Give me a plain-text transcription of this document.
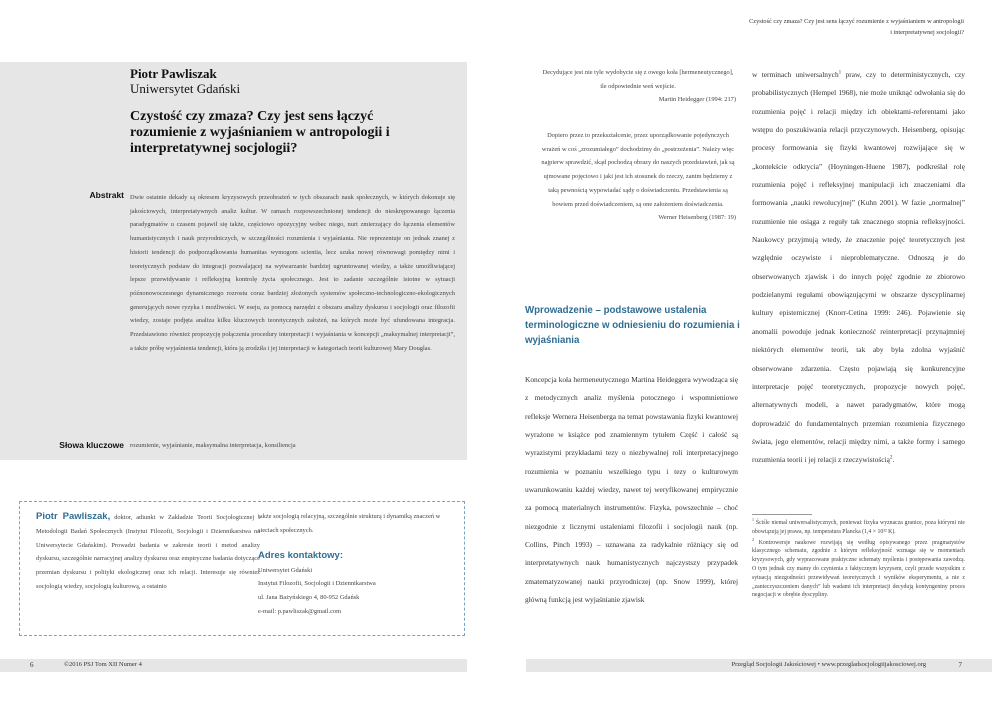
Piotr Pawliszak
Uniwersytet Gdański
Czystość czy zmaza? Czy jest sens łączyć rozumienie z wyjaśnianiem w antropologii i interpretatywnej socjologii?
Abstrakt Dwie ostatnie dekady są okresem kryzysowych przeobrażeń w tych obszarach nauk społecznych, w których dokonuje się jakościowych, interpretatywnych analiz kultur. W ramach rozpowszechnionej tendencji do nieskrępowanego łączenia paradygmatów u czasem pojawił się także, częściowo opozycyjny wobec niego, nurt zmierzający do łączenia elementów humanistycznych i nauk przyrodniczych, w szczególności rozumienia i wyjaśniania. Nie reprezentuje on jednak znanej z historii tendencji do podporządkowania humanitas wymogom scientia, lecz szuka nowej równowagi pomiędzy nimi i teoretycznych podstaw do integracji pozwalającej na wytwarzanie bardziej ugruntowanej wiedzy, a także umożliwiającej lepsze przewidywanie i refleksyjną kontrolę życia społecznego. Jest to zadanie szczególnie istotne w sytuacji późnonowoczesnego dynamicznego rozrostu coraz bardziej złożonych systemów społeczno-technologiczno-ekologicznych generujących nowe ryzyka i możliwości. W eseju, za pomocą narzędzi z obszaru analizy dyskursu i socjologii oraz filozofii wiedzy, zostaje podjęta analiza kilku kluczowych teoretycznych założeń, na których może być ufundowana integracja. Przedstawiono również propozycję połączenia procedury interpretacji i wyjaśniania w koncepcji „maksymalnej interpretacji”, a także próbę wyjaśnienia tendencji, która ją zrodziła i jej interpretacji w kategoriach teorii kulturowej Mary Douglas.
Słowa kluczowe rozumienie, wyjaśnianie, maksymalna interpretacja, konsiliencja
Piotr Pawliszak, doktor, adiunkt w Zakładzie Teorii Socjologicznej i Metodologii Badań Społecznych (Instytut Filozofii, Socjologii i Dziennikarstwa na Uniwersytecie Gdańskim). Prowadzi badania w zakresie teorii i metod analizy dyskursu, szczególnie narracyjnej analizy dyskursu oraz empiryczne badania dotyczące przemian dyskursu i polityki ekologicznej oraz ich relacji. Interesuje się również socjologią wiedzy, socjologią kulturową, a ostatnio
także socjologią relacyjną, szczególnie strukturą i dynamiką znaczeń w sieciach społecznych.
Adres kontaktowy:
Uniwersytet Gdański
Instytut Filozofii, Socjologii i Dziennikarstwa
ul. Jana Bażyńskiego 4, 80-952 Gdańsk
e-mail: p.pawliszak@gmail.com
6	©2016 PSJ Tom XII Numer 4
Czystość czy zmaza? Czy jest sens łączyć rozumienie z wyjaśnianiem w antropologii
i interpretatywnej socjologii?

Decydujące jest nie tyle wydobycie się z owego koła [hermeneutycznego], ile odpowiednie weń wejście.

Martin Heidegger (1994: 217)

Dopiero przez to przekształcenie, przez uporządkowanie pojedynczych wrażeń w coś „zrozumiałego” dochodzimy do „postrzeżenia”. Należy więc najpierw sprawdzić, skąd pochodzą obrazy do naszych przedstawień, jak są ujmowane pojęciowo i jaki jest ich stosunek do rzeczy, zanim będziemy z taką pewnością wypowiadać sądy o doświadczeniu. Przedstawienia są bowiem przed doświadczeniem, są one założeniem doświadczenia.

Werner Heisenberg (1987: 19)

Wprowadzenie – podstawowe ustalenia terminologiczne w odniesieniu do rozumienia i wyjaśniania
Koncepcja koła hermeneutycznego Martina Heideggera wywodząca się z metodycznych analiz myślenia potocznego i wspomnieniowe refleksje Wernera Heisenberga na temat powstawania fizyki kwantowej wyrażone w książce pod znamiennym tytułem Część i całość są wyrazistymi przykładami tezy o niezbywalnej roli interpretacyjnego rozumienia w poznaniu wszelkiego typu i tezy o kulturowym uwarunkowaniu każdej wiedzy, nawet tej weryfikowanej empirycznie za pomocą materialnych instrumentów. Fizyka, powszechnie – choć niezgodnie z licznymi ustaleniami filozofii i socjologii nauk (np. Collins, Pinch 1993) – uznawana za radykalnie różniący się od interpretatywnych nauk humanistycznych najczystszy przypadek zmatematyzowanej nauki przyrodniczej (np. Snow 1999), której główną funkcją jest wyjaśnianie zjawisk
w terminach uniwersalnych$^1$ praw, czy to deterministycznych, czy probabilistycznych (Hempel 1968), nie może uniknąć odwołania się do rozumienia pojęć i relacji między ich obiektami-referentami jako wstępu do poszukiwania relacji przyczynowych. Heisenberg, opisując procesy formowania się fizyki kwantowej rozwijające się w „kontekście odkrycia” (Hoyningen-Huene 1987), podkreślał rolę rozumienia pojęć i refleksyjnej manipulacji ich znaczeniami dla formowania „nauki rewolucyjnej” (Kuhn 2001). W fazie „normalnej” rozumienie nie osiąga z reguły tak znacznego stopnia refleksyjności. Naukowcy przyjmują wtedy, że znaczenie pojęć teoretycznych jest względnie oczywiste i nieproblematyczne. Odnoszą je do obserwowanych zjawisk i do innych pojęć zgodnie ze zbiorowo podzielanymi regułami obowiązującymi w obszarze dyscyplinarnej kultury epistemicznej (Knorr-Cetina 1999: 246). Pojawienie się anomalii powoduje jednak konieczność reinterpretacji przynajmniej niektórych elementów teorii, tak aby była zdolna wyjaśnić obserwowane zdarzenia. Często pojawiają się konkurencyjne interpretacje pojęć teoretycznych, propozycje nowych pojęć, alternatywnych modeli, a nawet paradygmatów, które mogą doprowadzić do fundamentalnych przemian rozumienia fizycznego świata, jego elementów, relacji między nimi, a także formy i samego rozumienia teorii i jej relacji z rzeczywistością$^2$.

$^1$ Ściśle niemal uniwersalistycznych, ponieważ fizyka wyznacza granice, poza którymi nie obowiązują jej prawa, np. temperatura Plancka (1,4 × 10³² K).

$^2$ Kontrowersje naukowe rozwijają się według opisywanego przez pragmatystów klasycznego schematu, zgodnie z którym refleksyjność wzmaga się w momentach kryzysowych, gdy wypracowane praktyczne schematy myślenia i postępowania zawodzą. O tym jednak czy mamy do czynienia z faktycznym kryzysem, czyli przede wszystkim z sytuacją niezgodności przewidywań teoretycznych i wyników eksperymentu, a nie z „zanieczyszczeniem danych” lub wadami ich interpretacji decydują kontyngentny proces negocjacji w obrębie dyscypliny.

Przegląd Socjologii Jakościowej • www.przegladsocjologiijakosciowej.org	7
